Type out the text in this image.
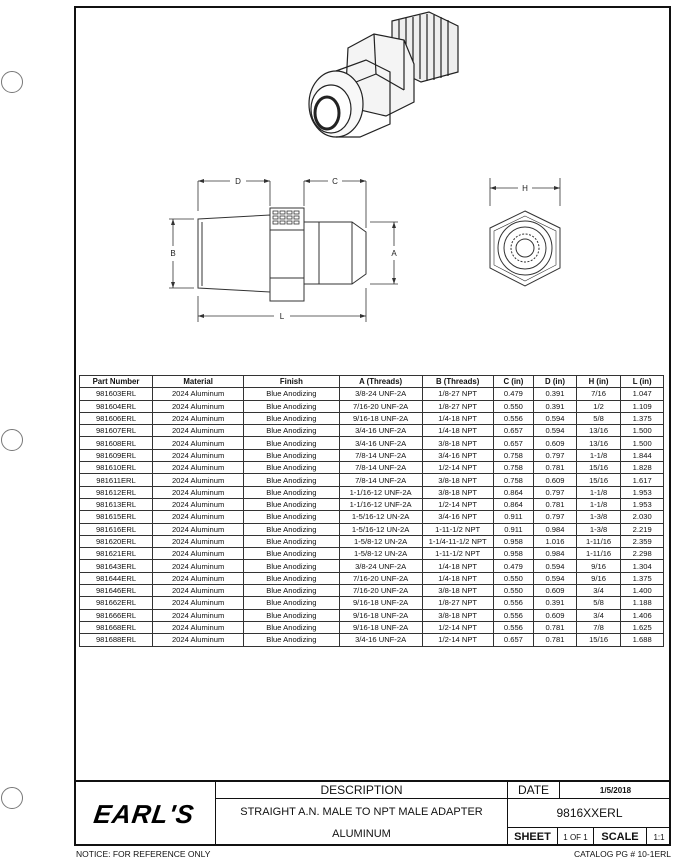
D	C
B	A
L
H
Part Number	Material	Finish	A (Threads)	B (Threads)	C (in)	D (in)	H (in)	L (in)
981603ERL	2024 Aluminum	Blue Anodizing	3/8-24 UNF-2A	1/8-27 NPT	0.479	0.391	7/16	1.047
981604ERL	2024 Aluminum	Blue Anodizing	7/16-20 UNF-2A	1/8-27 NPT	0.550	0.391	1/2	1.109
981606ERL	2024 Aluminum	Blue Anodizing	9/16-18 UNF-2A	1/4-18 NPT	0.556	0.594	5/8	1.375
981607ERL	2024 Aluminum	Blue Anodizing	3/4-16 UNF-2A	1/4-18 NPT	0.657	0.594	13/16	1.500
981608ERL	2024 Aluminum	Blue Anodizing	3/4-16 UNF-2A	3/8-18 NPT	0.657	0.609	13/16	1.500
981609ERL	2024 Aluminum	Blue Anodizing	7/8-14 UNF-2A	3/4-16 NPT	0.758	0.797	1-1/8	1.844
981610ERL	2024 Aluminum	Blue Anodizing	7/8-14 UNF-2A	1/2-14 NPT	0.758	0.781	15/16	1.828
981611ERL	2024 Aluminum	Blue Anodizing	7/8-14 UNF-2A	3/8-18 NPT	0.758	0.609	15/16	1.617
981612ERL	2024 Aluminum	Blue Anodizing	1-1/16-12 UNF-2A	3/8-18 NPT	0.864	0.797	1-1/8	1.953
981613ERL	2024 Aluminum	Blue Anodizing	1-1/16-12 UNF-2A	1/2-14 NPT	0.864	0.781	1-1/8	1.953
981615ERL	2024 Aluminum	Blue Anodizing	1-5/16-12 UN-2A	3/4-16 NPT	0.911	0.797	1-3/8	2.030
981616ERL	2024 Aluminum	Blue Anodizing	1-5/16-12 UN-2A	1-11-1/2 NPT	0.911	0.984	1-3/8	2.219
981620ERL	2024 Aluminum	Blue Anodizing	1-5/8-12 UN-2A	1-1/4-11-1/2 NPT	0.958	1.016	1-11/16	2.359
981621ERL	2024 Aluminum	Blue Anodizing	1-5/8-12 UN-2A	1-11-1/2 NPT	0.958	0.984	1-11/16	2.298
981643ERL	2024 Aluminum	Blue Anodizing	3/8-24 UNF-2A	1/4-18 NPT	0.479	0.594	9/16	1.304
981644ERL	2024 Aluminum	Blue Anodizing	7/16-20 UNF-2A	1/4-18 NPT	0.550	0.594	9/16	1.375
981646ERL	2024 Aluminum	Blue Anodizing	7/16-20 UNF-2A	3/8-18 NPT	0.550	0.609	3/4	1.400
981662ERL	2024 Aluminum	Blue Anodizing	9/16-18 UNF-2A	1/8-27 NPT	0.556	0.391	5/8	1.188
981666ERL	2024 Aluminum	Blue Anodizing	9/16-18 UNF-2A	3/8-18 NPT	0.556	0.609	3/4	1.406
981668ERL	2024 Aluminum	Blue Anodizing	9/16-18 UNF-2A	1/2-14 NPT	0.556	0.781	7/8	1.625
981688ERL	2024 Aluminum	Blue Anodizing	3/4-16 UNF-2A	1/2-14 NPT	0.657	0.781	15/16	1.688
EARL'S
DESCRIPTION
STRAIGHT A.N. MALE TO NPT MALE ADAPTER
ALUMINUM
DATE	1/5/2018
9816XXERL
SHEET	1 OF 1	SCALE	1:1
NOTICE: FOR REFERENCE ONLY	CATALOG PG # 10-1ERL
